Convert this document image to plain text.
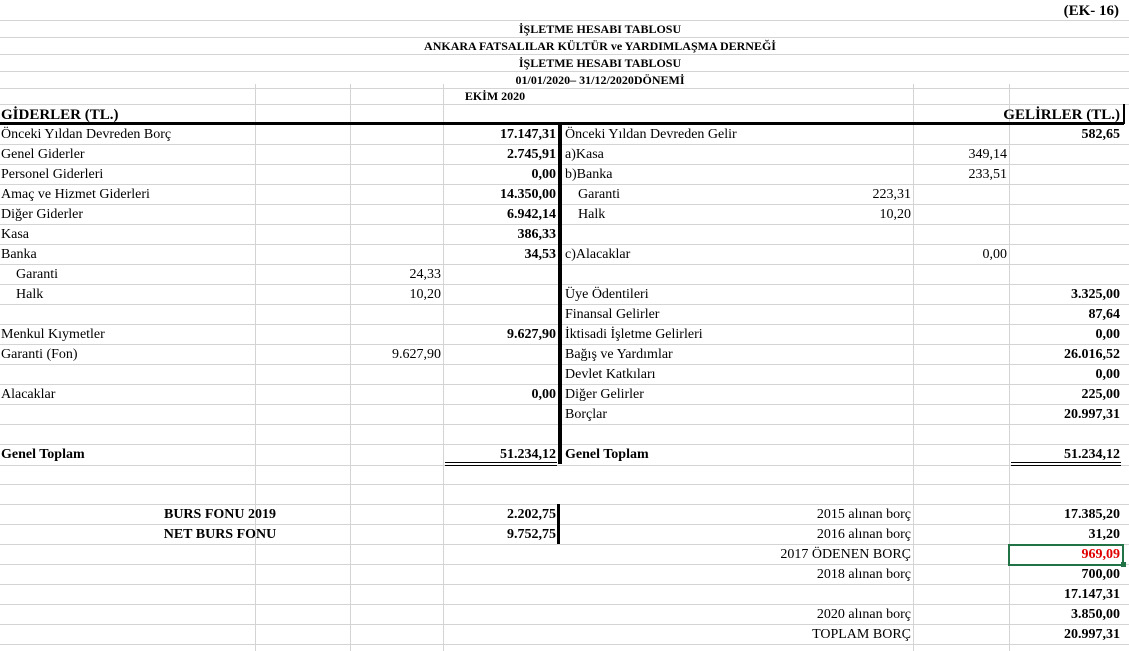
(EK- 16)
İŞLETME HESABI TABLOSU
ANKARA FATSALILAR KÜLTÜR ve YARDIMLAŞMA DERNEĞİ
İŞLETME HESABI TABLOSU
01/01/2020– 31/12/2020DÖNEMİ
EKİM 2020
GİDERLER (TL.)	GELİRLER (TL.)
Önceki Yıldan Devreden Borç	17.147,31
Genel Giderler	2.745,91
Personel Giderleri	0,00
Amaç ve Hizmet Giderleri	14.350,00
Diğer Giderler	6.942,14
Kasa	386,33
Banka	34,53
Garanti	24,33
Halk	10,20
Menkul Kıymetler	9.627,90
Garanti (Fon)	9.627,90
Alacaklar	0,00
Genel Toplam	51.234,12
Önceki Yıldan Devreden Gelir	582,65
a)Kasa	349,14
b)Banka	233,51
Garanti	223,31
Halk	10,20
c)Alacaklar	0,00
Üye Ödentileri	3.325,00
Finansal Gelirler	87,64
İktisadi İşletme Gelirleri	0,00
Bağış ve Yardımlar	26.016,52
Devlet Katkıları	0,00
Diğer Gelirler	225,00
Borçlar	20.997,31
Genel Toplam	51.234,12
BURS FONU 2019	2.202,75
NET BURS FONU	9.752,75
2015 alınan borç	17.385,20
2016 alınan borç	31,20
2017 ÖDENEN BORÇ	969,09
2018 alınan borç	700,00
17.147,31
2020 alınan borç	3.850,00
TOPLAM BORÇ	20.997,31
